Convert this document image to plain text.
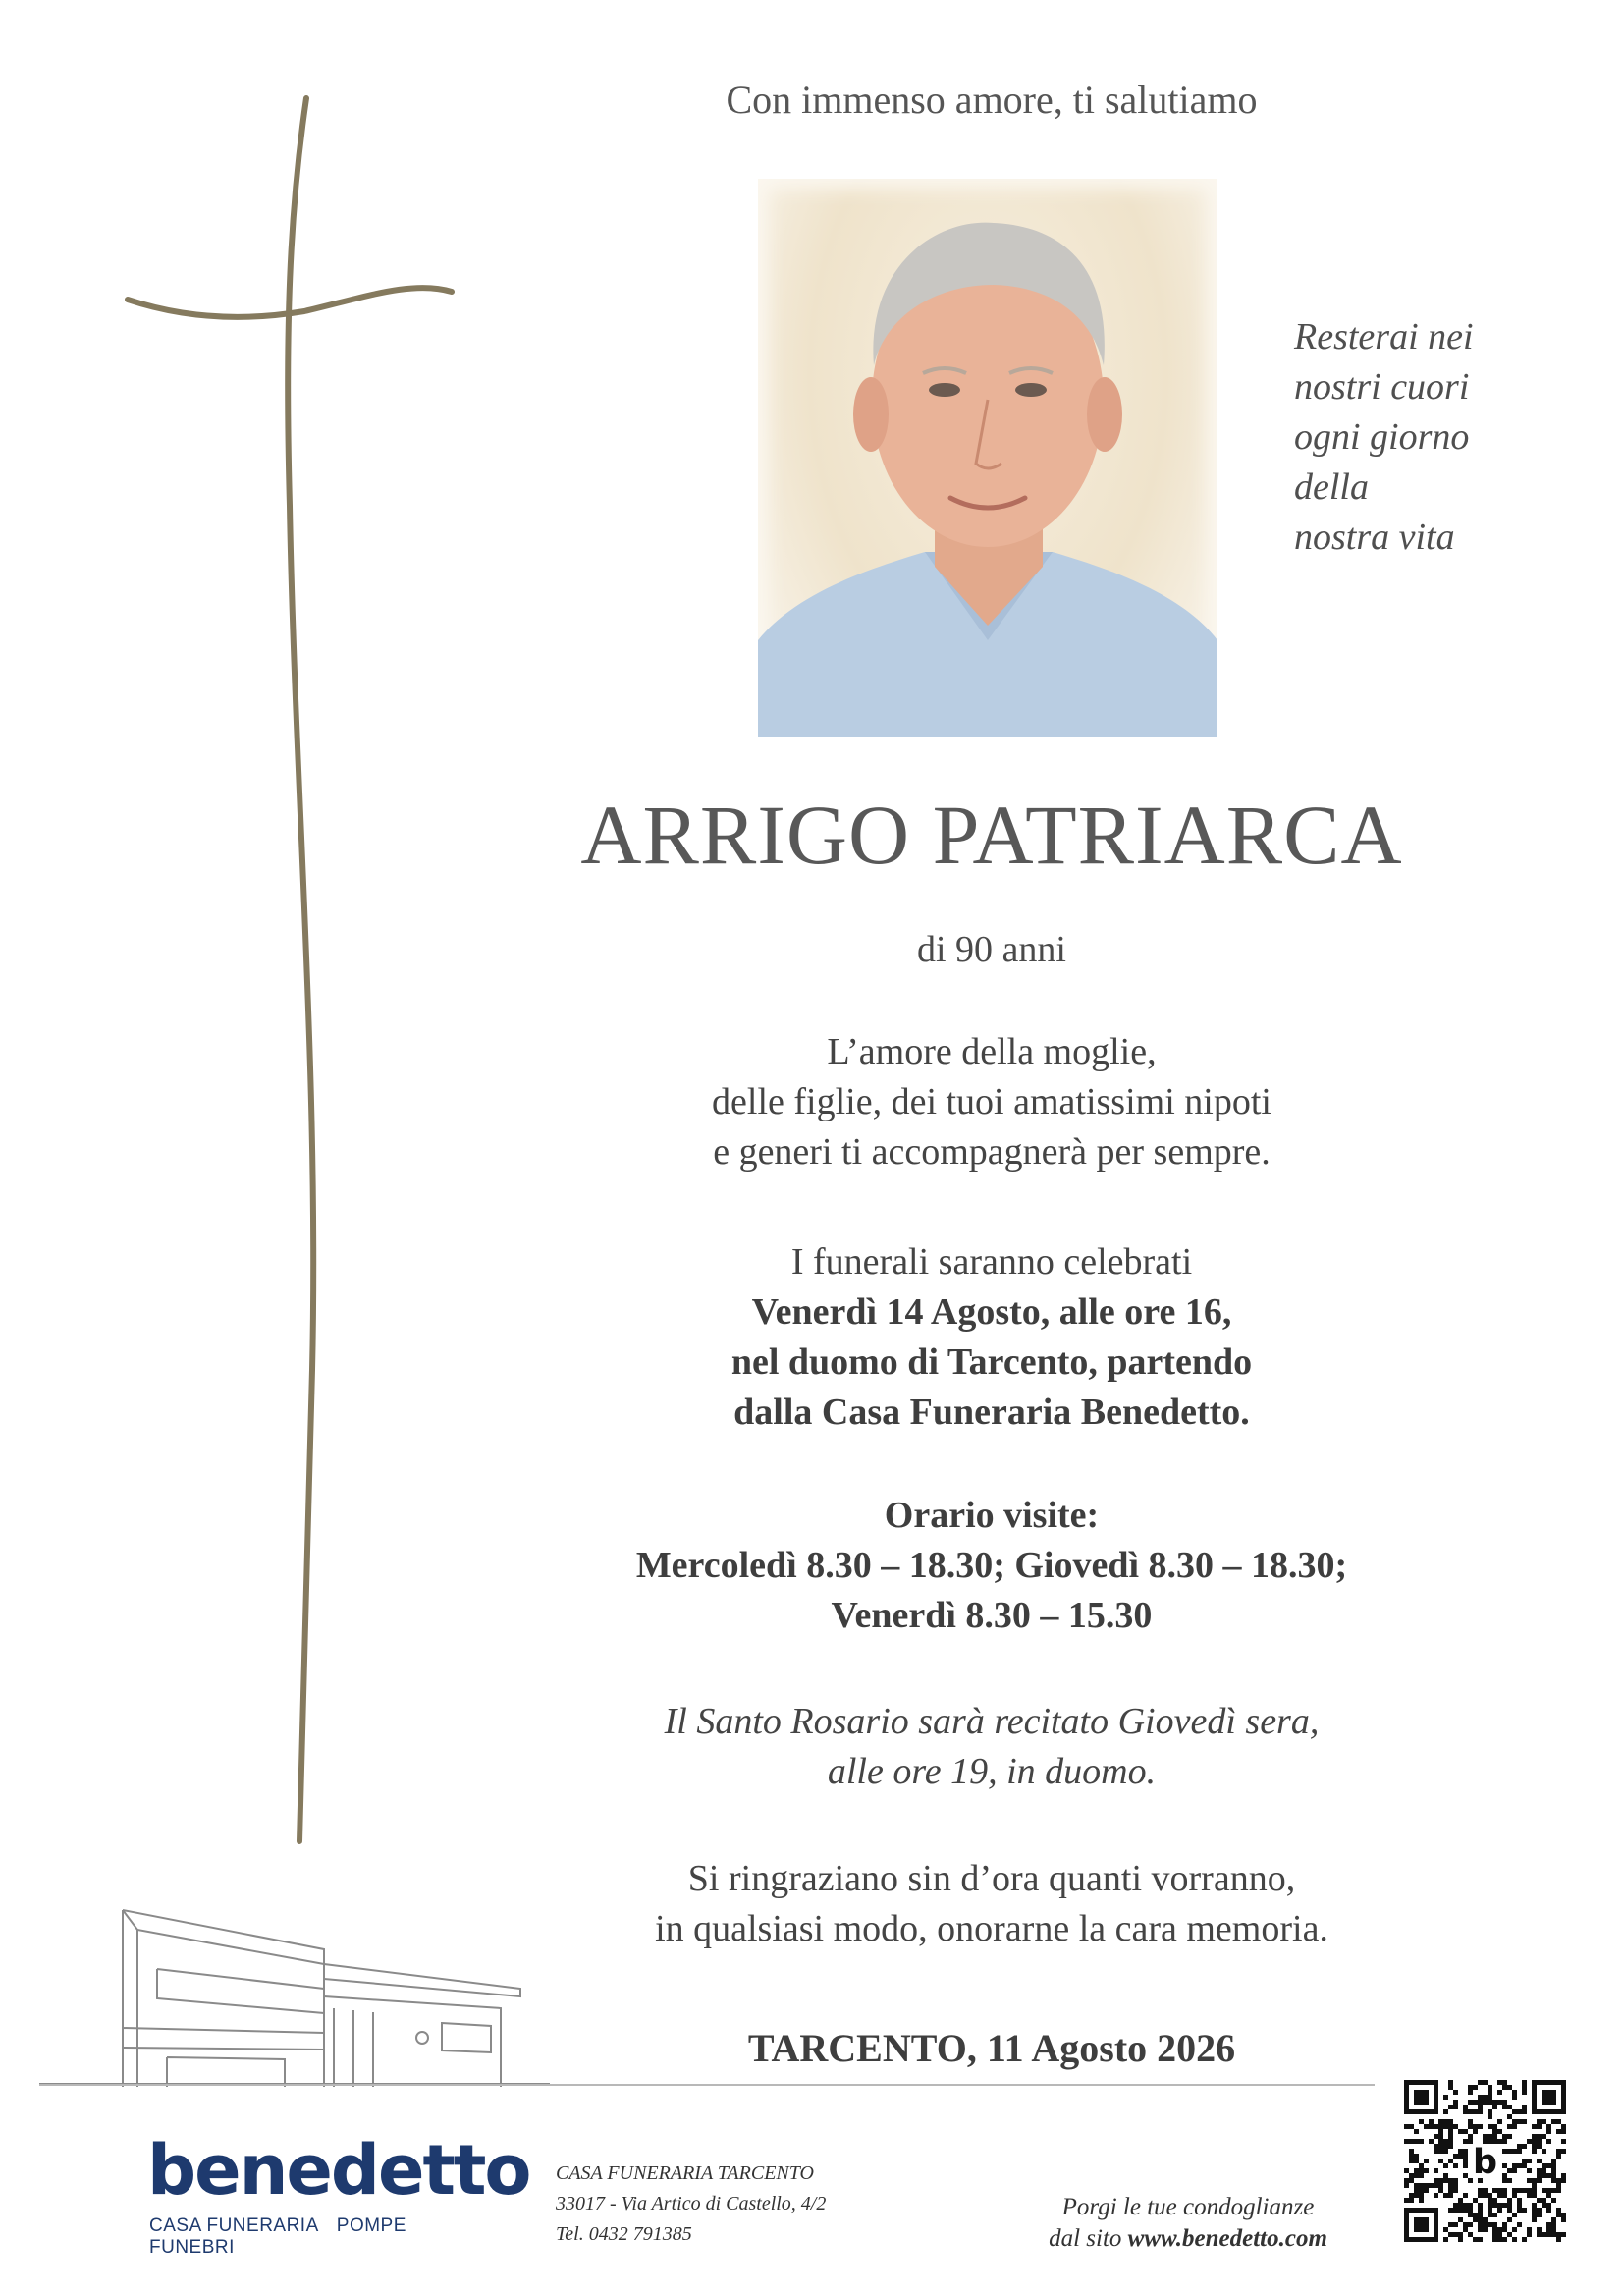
Con immenso amore, ti salutiamo
Resterai nei
nostri cuori
ogni giorno
della
nostra vita
ARRIGO PATRIARCA
di 90 anni
L’amore della moglie,
delle figlie, dei tuoi amatissimi nipoti
e generi ti accompagnerà per sempre.
I funerali saranno celebrati
Venerdì 14 Agosto, alle ore 16,
nel duomo di Tarcento, partendo
dalla Casa Funeraria Benedetto.
Orario visite:
Mercoledì 8.30 – 18.30; Giovedì 8.30 – 18.30;
Venerdì 8.30 – 15.30
Il Santo Rosario sarà recitato Giovedì sera,
alle ore 19, in duomo.
Si ringraziano sin d’ora quanti vorranno,
in qualsiasi modo, onorarne la cara memoria.
TARCENTO, 11 Agosto 2026
benedetto
CASA FUNERARIA POMPE FUNEBRI
CASA FUNERARIA TARCENTO
33017 - Via Artico di Castello, 4/2
Tel. 0432 791385
Porgi le tue condoglianze
dal sito www.benedetto.com
b
